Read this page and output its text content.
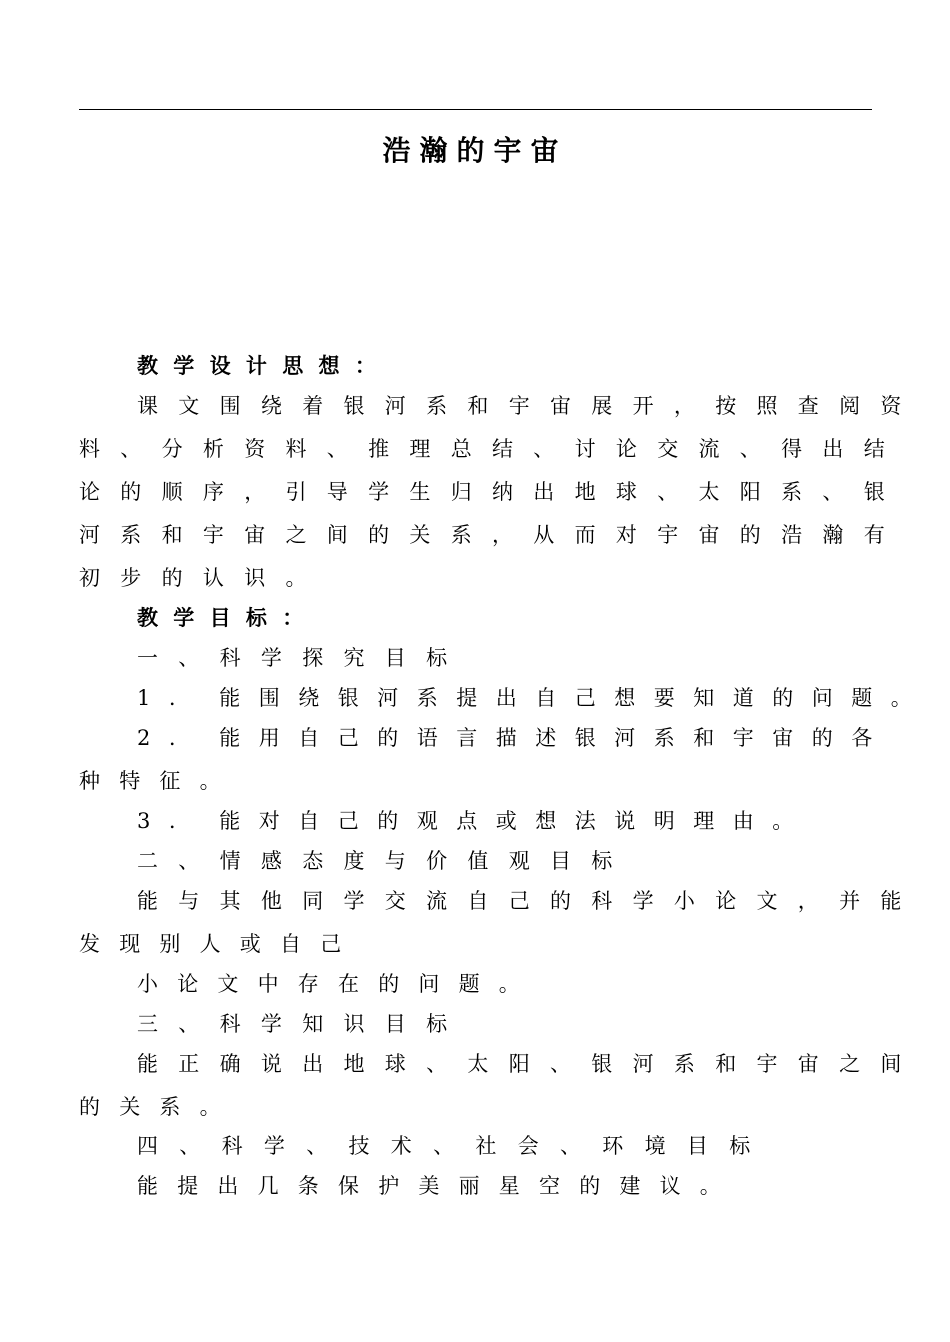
浩瀚的宇宙
教 学 设 计 思 想 ：
课文围绕着银河系和宇宙展开，按照查阅资
料、分析资料、推理总结、讨论交流、得出结
论的顺序，引导学生归纳出地球、太阳系、银
河系和宇宙之间的关系，从而对宇宙的浩瀚有
初步的认识。
教 学 目 标 ：
一、科学探究目标
1. 能围绕银河系提出自己想要知道的问题。
2. 能用自己的语言描述银河系和宇宙的各
种特征。
3. 能对自己的观点或想法说明理由。
二、情感态度与价值观目标
能与其他同学交流自己的科学小论文，并能
发现别人或自己
小论文中存在的问题。
三、科学知识目标
能正确说出地球、太阳、银河系和宇宙之间
的关系。
四、科学、技术、社会、环境目标
能提出几条保护美丽星空的建议。
